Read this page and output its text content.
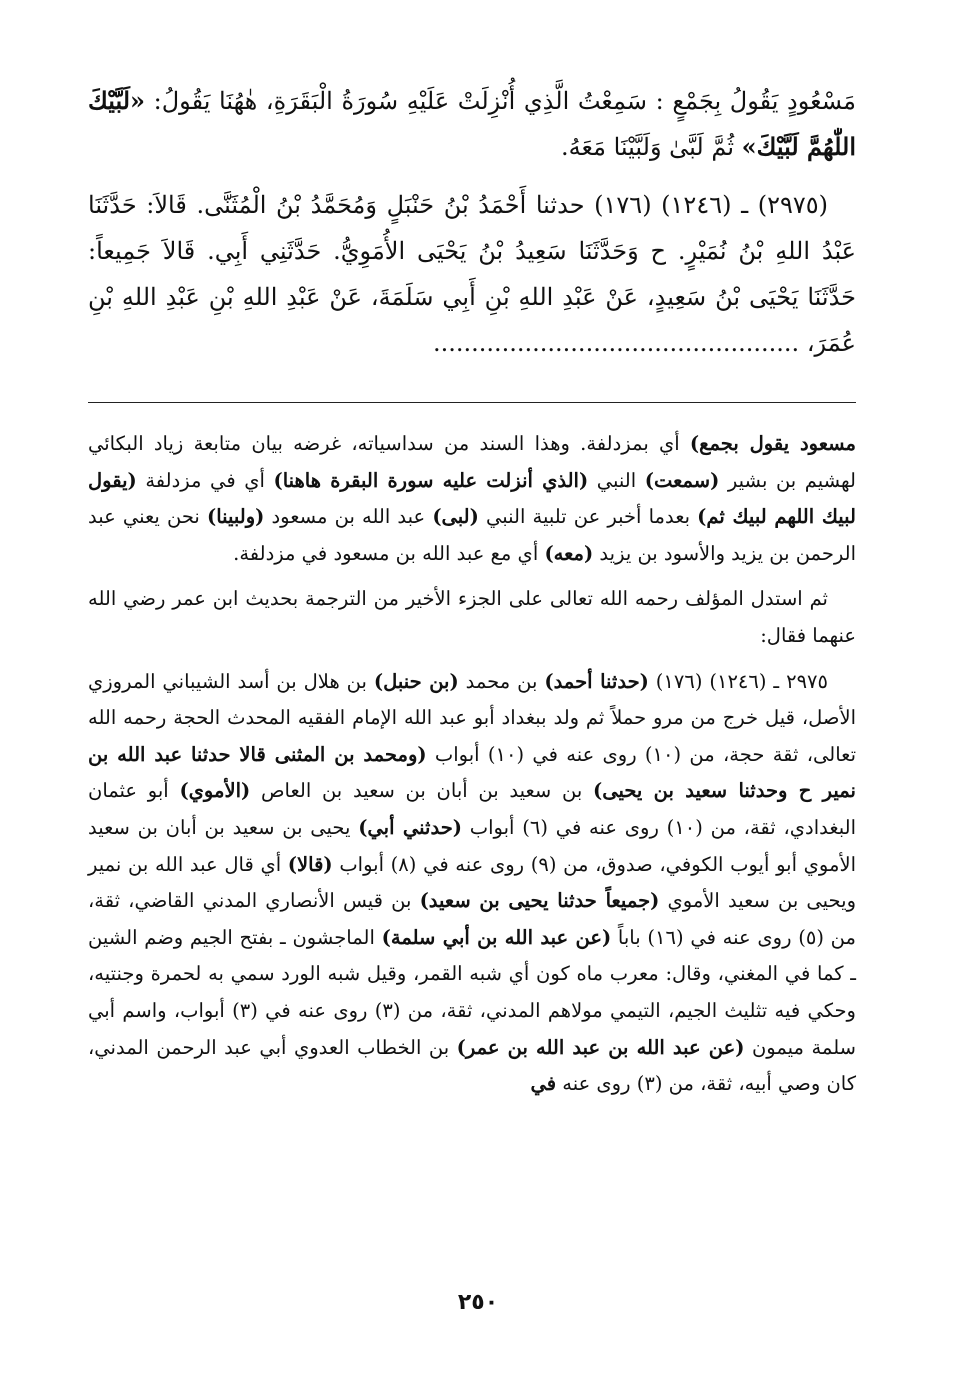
مَسْعُودٍ يَقُولُ بِجَمْعٍ : سَمِعْتُ الَّذِي أُنْزِلَتْ عَلَيْهِ سُورَةُ الْبَقَرَةِ، هٰهُنَا يَقُولُ: «لَبَّيْكَ اللّٰهُمَّ لَبَّيْكَ» ثُمَّ لَبَّىٰ وَلَبَّيْنَا مَعَهُ.

(٢٩٧٥) ـ (١٢٤٦) (١٧٦) حدثنا أَحْمَدُ بْنُ حَنْبَلٍ وَمُحَمَّدُ بْنُ الْمُثَنَّى. قَالاَ: حَدَّثَنَا عَبْدُ اللهِ بْنُ نُمَيْرٍ. ح وَحَدَّثَنَا سَعِيدُ بْنُ يَحْيَى الأُمَوِيُّ. حَدَّثَنِي أَبِي. قَالاَ جَمِيعاً: حَدَّثَنَا يَحْيَى بْنُ سَعِيدٍ، عَنْ عَبْدِ اللهِ بْنِ أَبِي سَلَمَةَ، عَنْ عَبْدِ اللهِ بْنِ عَبْدِ اللهِ بْنِ عُمَرَ، ................................................

مسعود يقول بجمع) أي بمزدلفة. وهذا السند من سداسياته، غرضه بيان متابعة زياد البكائي لهشيم بن بشير (سمعت) النبي (الذي أنزلت عليه سورة البقرة هاهنا) أي في مزدلفة (يقول لبيك اللهم لبيك ثم) بعدما أخبر عن تلبية النبي (لبى) عبد الله بن مسعود (ولبينا) نحن يعني عبد الرحمن بن يزيد والأسود بن يزيد (معه) أي مع عبد الله بن مسعود في مزدلفة.

ثم استدل المؤلف رحمه الله تعالى على الجزء الأخير من الترجمة بحديث ابن عمر رضي الله عنهما فقال:

٢٩٧٥ ـ (١٢٤٦) (١٧٦) (حدثنا أحمد) بن محمد (بن حنبل) بن هلال بن أسد الشيباني المروزي الأصل، قيل خرج من مرو حملاً ثم ولد ببغداد أبو عبد الله الإمام الفقيه المحدث الحجة رحمه الله تعالى، ثقة حجة، من (١٠) روى عنه في (١٠) أبواب (ومحمد بن المثنى قالا حدثنا عبد الله بن نمير ح وحدثنا سعيد بن يحيى) بن سعيد بن أبان بن سعيد بن العاص (الأموي) أبو عثمان البغدادي، ثقة، من (١٠) روى عنه في (٦) أبواب (حدثني أبي) يحيى بن سعيد بن أبان بن سعيد الأموي أبو أيوب الكوفي، صدوق، من (٩) روى عنه في (٨) أبواب (قالا) أي قال عبد الله بن نمير ويحيى بن سعيد الأموي (جميعاً حدثنا يحيى بن سعيد) بن قيس الأنصاري المدني القاضي، ثقة، من (٥) روى عنه في (١٦) باباً (عن عبد الله بن أبي سلمة) الماجشون ـ بفتح الجيم وضم الشين ـ كما في المغني، وقال: معرب ماه كون أي شبه القمر، وقيل شبه الورد سمي به لحمرة وجنتيه، وحكي فيه تثليث الجيم، التيمي مولاهم المدني، ثقة، من (٣) روى عنه في (٣) أبواب، واسم أبي سلمة ميمون (عن عبد الله بن عبد الله بن عمر) بن الخطاب العدوي أبي عبد الرحمن المدني، كان وصي أبيه، ثقة، من (٣) روى عنه في

٢٥٠
